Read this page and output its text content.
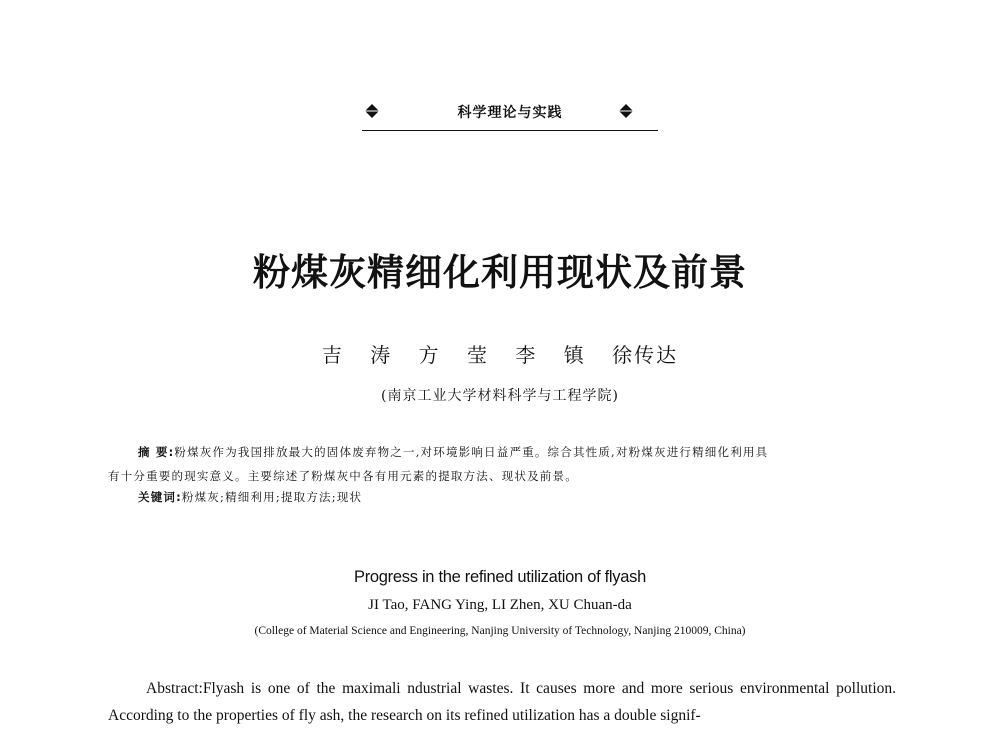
科学理论与实践
粉煤灰精细化利用现状及前景
吉 涛 方 莹 李 镇 徐传达
(南京工业大学材料科学与工程学院)
摘 要:粉煤灰作为我国排放最大的固体废弃物之一,对环境影响日益严重。综合其性质,对粉煤灰进行精细化利用具
有十分重要的现实意义。主要综述了粉煤灰中各有用元素的提取方法、现状及前景。
关键词:粉煤灰;精细利用;提取方法;现状
Progress in the refined utilization of flyash
JI Tao, FANG Ying, LI Zhen, XU Chuan-da
(College of Material Science and Engineering, Nanjing University of Technology, Nanjing 210009, China)
Abstract:Flyash is one of the maximali ndustrial wastes. It causes more and more serious environmental pollution. According to the properties of fly ash, the research on its refined utilization has a double signif-
